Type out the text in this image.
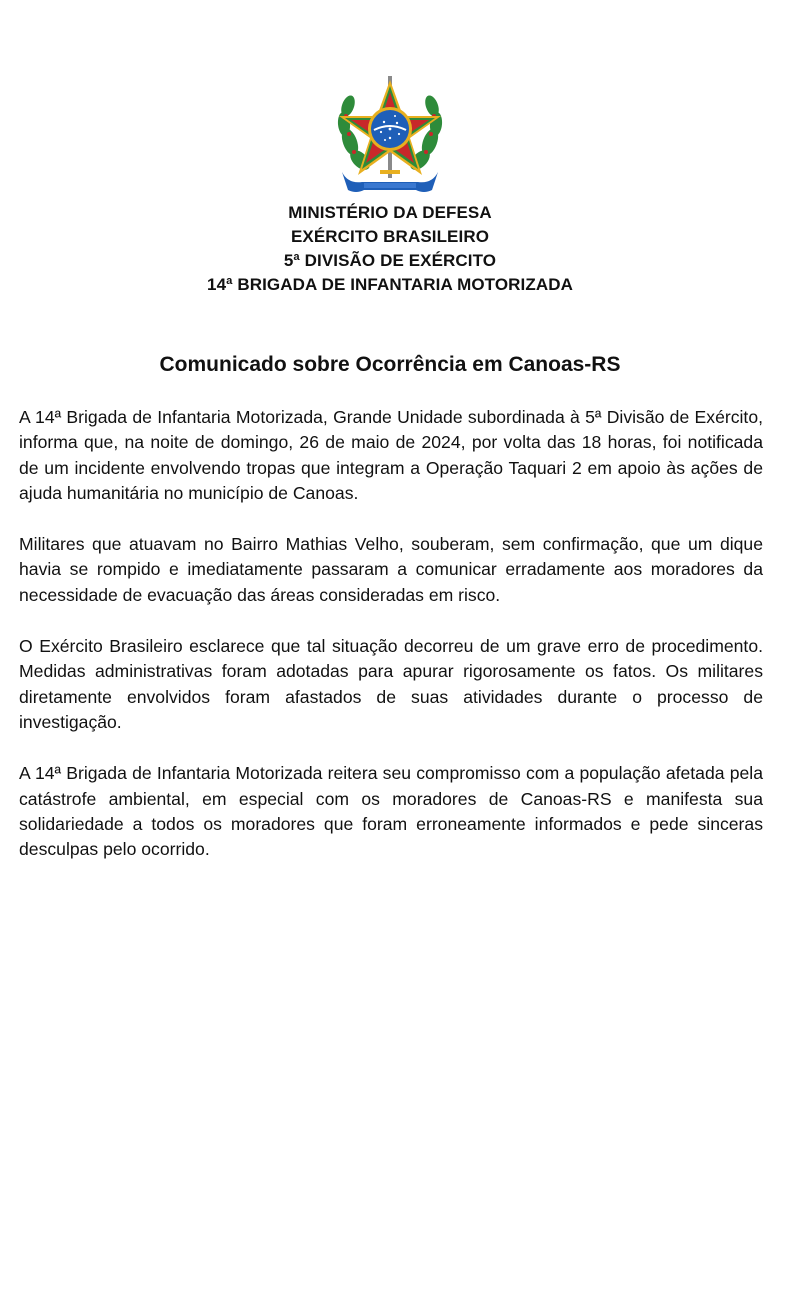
MINISTÉRIO DA DEFESA
EXÉRCITO BRASILEIRO
5ª DIVISÃO DE EXÉRCITO
14ª BRIGADA DE INFANTARIA MOTORIZADA
Comunicado sobre Ocorrência em Canoas-RS

A 14ª Brigada de Infantaria Motorizada, Grande Unidade subordinada à 5ª Divisão de Exército, informa que, na noite de domingo, 26 de maio de 2024, por volta das 18 horas, foi notificada de um incidente envolvendo tropas que integram a Operação Taquari 2 em apoio às ações de ajuda humanitária no município de Canoas.

Militares que atuavam no Bairro Mathias Velho, souberam, sem confirmação, que um dique havia se rompido e imediatamente passaram a comunicar erradamente aos moradores da necessidade de evacuação das áreas consideradas em risco.

O Exército Brasileiro esclarece que tal situação decorreu de um grave erro de procedimento. Medidas administrativas foram adotadas para apurar rigorosamente os fatos. Os militares diretamente envolvidos foram afastados de suas atividades durante o processo de investigação.

A 14ª Brigada de Infantaria Motorizada reitera seu compromisso com a população afetada pela catástrofe ambiental, em especial com os moradores de Canoas-RS e manifesta sua solidariedade a todos os moradores que foram erroneamente informados e pede sinceras desculpas pelo ocorrido.
